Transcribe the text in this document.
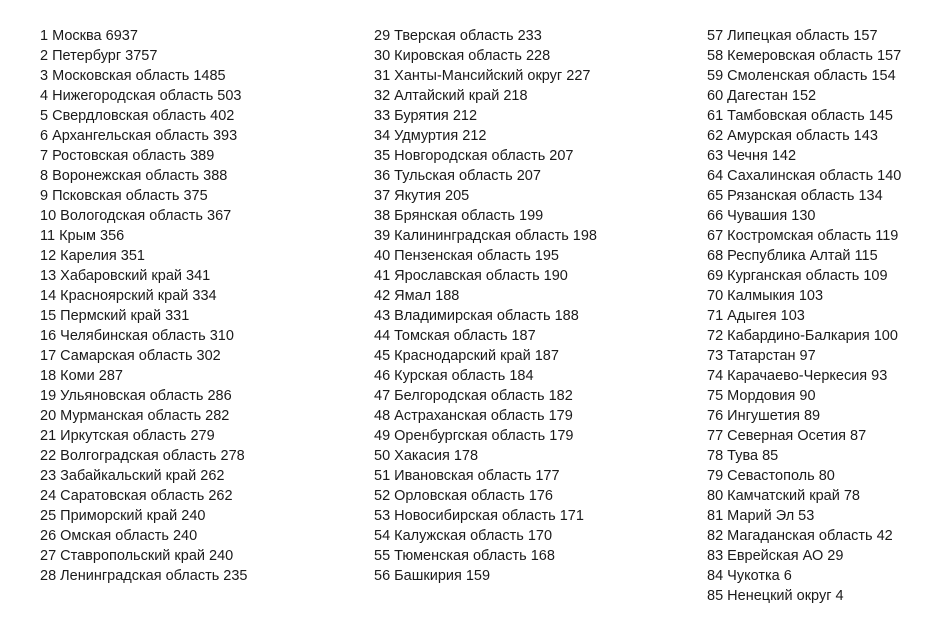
1 Москва 6937
2 Петербург 3757
3 Московская область 1485
4 Нижегородская область 503
5 Свердловская область 402
6 Архангельская область 393
7 Ростовская область 389
8 Воронежская область 388
9 Псковская область 375
10 Вологодская область 367
11 Крым 356
12 Карелия 351
13 Хабаровский край 341
14 Красноярский край 334
15 Пермский край 331
16 Челябинская область 310
17 Самарская область 302
18 Коми 287
19 Ульяновская область 286
20 Мурманская область 282
21 Иркутская область 279
22 Волгоградская область 278
23 Забайкальский край 262
24 Саратовская область 262
25 Приморский край 240
26 Омская область 240
27 Ставропольский край 240
28 Ленинградская область 235
29 Тверская область 233
30 Кировская область 228
31 Ханты-Мансийский округ 227
32 Алтайский край 218
33 Бурятия 212
34 Удмуртия 212
35 Новгородская область 207
36 Тульская область 207
37 Якутия 205
38 Брянская область 199
39 Калининградская область 198
40 Пензенская область 195
41 Ярославская область 190
42 Ямал 188
43 Владимирская область 188
44 Томская область 187
45 Краснодарский край 187
46 Курская область 184
47 Белгородская область 182
48 Астраханская область 179
49 Оренбургская область 179
50 Хакасия 178
51 Ивановская область 177
52 Орловская область 176
53 Новосибирская область 171
54 Калужская область 170
55 Тюменская область 168
56 Башкирия 159
57 Липецкая область 157
58 Кемеровская область 157
59 Смоленская область 154
60 Дагестан 152
61 Тамбовская область 145
62 Амурская область 143
63 Чечня 142
64 Сахалинская область 140
65 Рязанская область 134
66 Чувашия 130
67 Костромская область 119
68 Республика Алтай 115
69 Курганская область 109
70 Калмыкия 103
71 Адыгея 103
72 Кабардино-Балкария 100
73 Татарстан 97
74 Карачаево-Черкесия 93
75 Мордовия 90
76 Ингушетия 89
77 Северная Осетия 87
78 Тува 85
79 Севастополь 80
80 Камчатский край 78
81 Марий Эл 53
82 Магаданская область 42
83 Еврейская АО 29
84 Чукотка 6
85 Ненецкий округ 4
